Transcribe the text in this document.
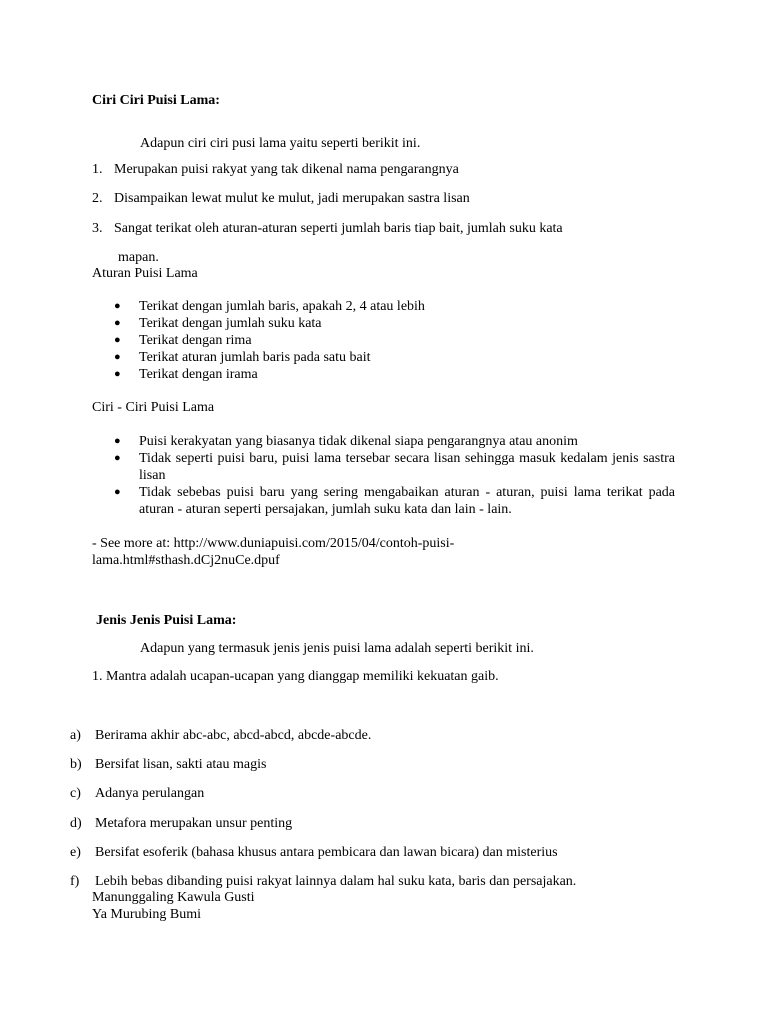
Ciri Ciri Puisi Lama:
Adapun ciri ciri pusi lama yaitu seperti berikit ini.
1. Merupakan puisi rakyat yang tak dikenal nama pengarangnya
2. Disampaikan lewat mulut ke mulut, jadi merupakan sastra lisan
3. Sangat terikat oleh aturan-aturan seperti jumlah baris tiap bait, jumlah suku kata
mapan.
Aturan Puisi Lama
●	Terikat dengan jumlah baris, apakah 2, 4 atau lebih
●	Terikat dengan jumlah suku kata
●	Terikat dengan rima
●	Terikat aturan jumlah baris pada satu bait
●	Terikat dengan irama
Ciri - Ciri Puisi Lama
●	Puisi kerakyatan yang biasanya tidak dikenal siapa pengarangnya atau anonim
●	Tidak seperti puisi baru, puisi lama tersebar secara lisan sehingga masuk kedalam jenis sastra lisan
●	Tidak sebebas puisi baru yang sering mengabaikan aturan - aturan, puisi lama terikat pada aturan - aturan seperti persajakan, jumlah suku kata dan lain - lain.
- See more at: http://www.duniapuisi.com/2015/04/contoh-puisi-
lama.html#sthash.dCj2nuCe.dpuf
Jenis Jenis Puisi Lama:
Adapun yang termasuk jenis jenis puisi lama adalah seperti berikit ini.
1. Mantra adalah ucapan-ucapan yang dianggap memiliki kekuatan gaib.
a) Berirama akhir abc-abc, abcd-abcd, abcde-abcde.
b) Bersifat lisan, sakti atau magis
c) Adanya perulangan
d) Metafora merupakan unsur penting
e) Bersifat esoferik (bahasa khusus antara pembicara dan lawan bicara) dan misterius
f) Lebih bebas dibanding puisi rakyat lainnya dalam hal suku kata, baris dan persajakan.
Manunggaling Kawula Gusti
Ya Murubing Bumi
